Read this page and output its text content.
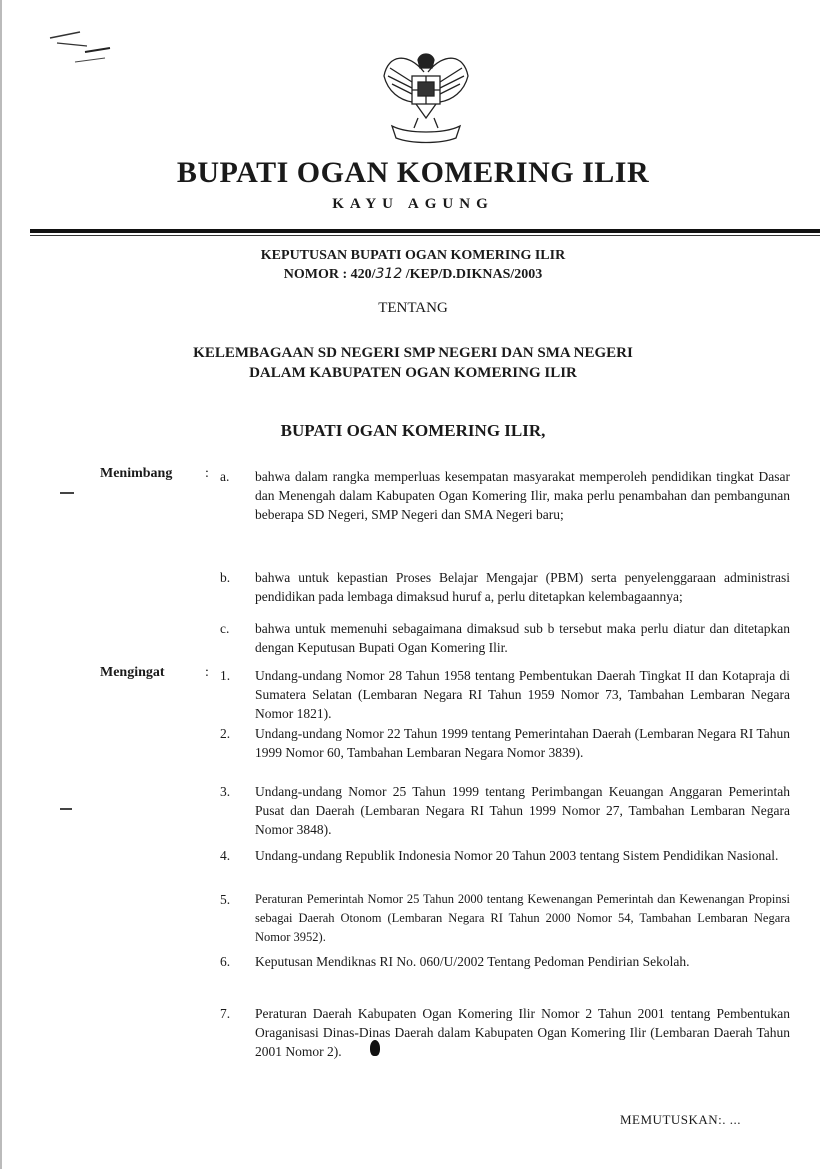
BUPATI OGAN KOMERING ILIR
KAYU AGUNG
KEPUTUSAN BUPATI OGAN KOMERING ILIR
NOMOR : 420/312 /KEP/D.DIKNAS/2003
TENTANG
KELEMBAGAAN SD NEGERI SMP NEGERI DAN SMA NEGERI
DALAM KABUPATEN OGAN KOMERING ILIR
BUPATI OGAN KOMERING ILIR,
Menimbang : a.	bahwa dalam rangka memperluas kesempatan masyarakat memperoleh pendidikan tingkat Dasar dan Menengah dalam Kabupaten Ogan Komering Ilir, maka perlu penambahan dan pembangunan beberapa SD Negeri, SMP Negeri dan SMA Negeri baru;
b.	bahwa untuk kepastian Proses Belajar Mengajar (PBM) serta penyelenggaraan administrasi pendidikan pada lembaga dimaksud huruf a, perlu ditetapkan kelembagaannya;
c.	bahwa untuk memenuhi sebagaimana dimaksud sub b tersebut maka perlu diatur dan ditetapkan dengan Keputusan Bupati Ogan Komering Ilir.
Mengingat	: 1.	Undang-undang Nomor 28 Tahun 1958 tentang Pembentukan Daerah Tingkat II dan Kotapraja di Sumatera Selatan (Lembaran Negara RI Tahun 1959 Nomor 73, Tambahan Lembaran Negara Nomor 1821).
2.	Undang-undang Nomor 22 Tahun 1999 tentang Pemerintahan Daerah (Lembaran Negara RI Tahun 1999 Nomor 60, Tambahan Lembaran Negara Nomor 3839).
3.	Undang-undang Nomor 25 Tahun 1999 tentang Perimbangan Keuangan Anggaran Pemerintah Pusat dan Daerah (Lembaran Negara RI Tahun 1999 Nomor 27, Tambahan Lembaran Negara Nomor 3848).
4.	Undang-undang Republik Indonesia Nomor 20 Tahun 2003 tentang Sistem Pendidikan Nasional.
5.	Peraturan Pemerintah Nomor 25 Tahun 2000 tentang Kewenangan Pemerintah dan Kewenangan Propinsi sebagai Daerah Otonom (Lembaran Negara RI Tahun 2000 Nomor 54, Tambahan Lembaran Negara Nomor 3952).
6.	Keputusan Mendiknas RI No. 060/U/2002 Tentang Pedoman Pendirian Sekolah.
7.	Peraturan Daerah Kabupaten Ogan Komering Ilir Nomor 2 Tahun 2001 tentang Pembentukan Oraganisasi Dinas-Dinas Daerah dalam Kabupaten Ogan Komering Ilir (Lembaran Daerah Tahun 2001 Nomor 2).
MEMUTUSKAN:. ...
